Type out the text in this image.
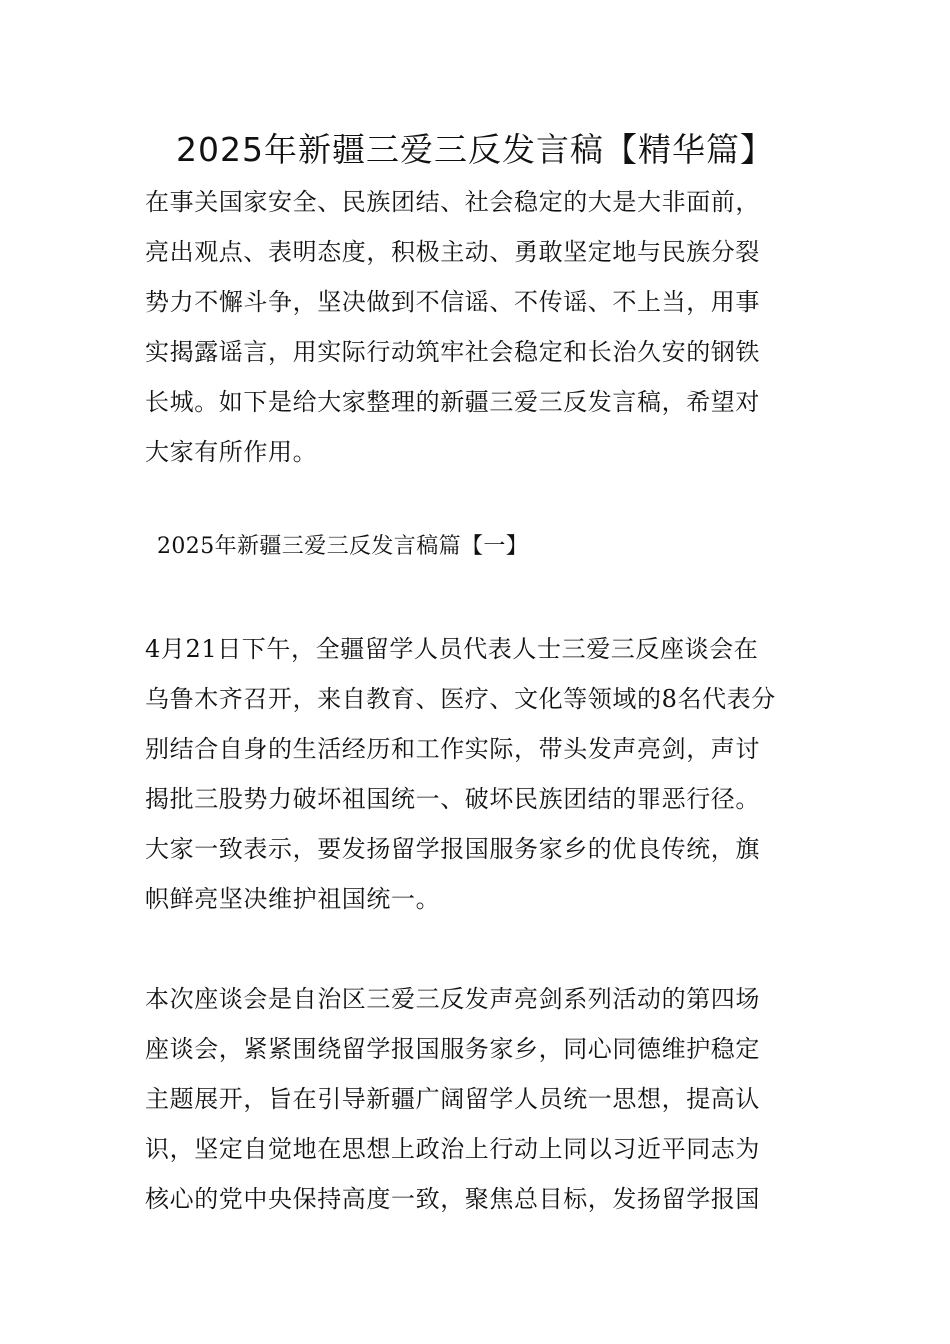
2025年新疆三爱三反发言稿【精华篇】

在事关国家安全、民族团结、社会稳定的大是大非面前，
亮出观点、表明态度，积极主动、勇敢坚定地与民族分裂
势力不懈斗争，坚决做到不信谣、不传谣、不上当，用事
实揭露谣言，用实际行动筑牢社会稳定和长治久安的钢铁
长城。如下是给大家整理的新疆三爱三反发言稿，希望对
大家有所作用。

2025年新疆三爱三反发言稿篇【一】

4月21日下午，全疆留学人员代表人士三爱三反座谈会在
乌鲁木齐召开，来自教育、医疗、文化等领域的8名代表分
别结合自身的生活经历和工作实际，带头发声亮剑，声讨
揭批三股势力破坏祖国统一、破坏民族团结的罪恶行径。
大家一致表示，要发扬留学报国服务家乡的优良传统，旗
帜鲜亮坚决维护祖国统一。

本次座谈会是自治区三爱三反发声亮剑系列活动的第四场
座谈会，紧紧围绕留学报国服务家乡，同心同德维护稳定
主题展开，旨在引导新疆广阔留学人员统一思想，提高认
识，坚定自觉地在思想上政治上行动上同以习近平同志为
核心的党中央保持高度一致，聚焦总目标，发扬留学报国
